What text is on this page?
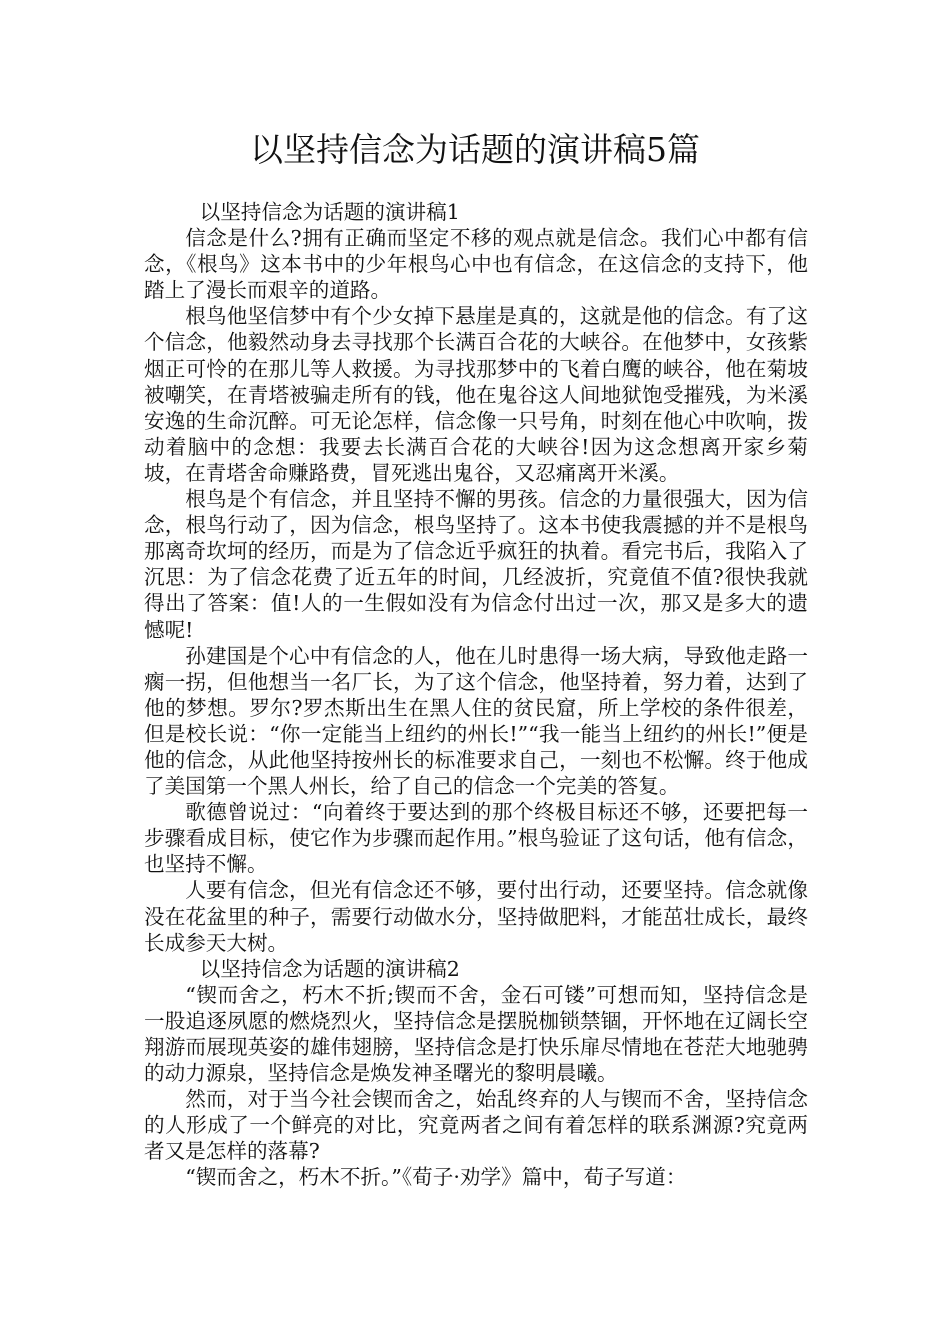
以坚持信念为话题的演讲稿5篇

以坚持信念为话题的演讲稿1

信念是什么?拥有正确而坚定不移的观点就是信念。我们心中都有信念，《根鸟》这本书中的少年根鸟心中也有信念，在这信念的支持下，他踏上了漫长而艰辛的道路。

根鸟他坚信梦中有个少女掉下悬崖是真的，这就是他的信念。有了这个信念，他毅然动身去寻找那个长满百合花的大峡谷。在他梦中，女孩紫烟正可怜的在那儿等人救援。为寻找那梦中的飞着白鹰的峡谷，他在菊坡被嘲笑，在青塔被骗走所有的钱，他在鬼谷这人间地狱饱受摧残，为米溪安逸的生命沉醉。可无论怎样，信念像一只号角，时刻在他心中吹响，拨动着脑中的念想：我要去长满百合花的大峡谷!因为这念想离开家乡菊坡，在青塔舍命赚路费，冒死逃出鬼谷，又忍痛离开米溪。

根鸟是个有信念，并且坚持不懈的男孩。信念的力量很强大，因为信念，根鸟行动了，因为信念，根鸟坚持了。这本书使我震撼的并不是根鸟那离奇坎坷的经历，而是为了信念近乎疯狂的执着。看完书后，我陷入了沉思：为了信念花费了近五年的时间，几经波折，究竟值不值?很快我就得出了答案：值!人的一生假如没有为信念付出过一次，那又是多大的遗憾呢!

孙建国是个心中有信念的人，他在儿时患得一场大病，导致他走路一瘸一拐，但他想当一名厂长，为了这个信念，他坚持着，努力着，达到了他的梦想。罗尔?罗杰斯出生在黑人住的贫民窟，所上学校的条件很差，但是校长说：“你一定能当上纽约的州长!”“我一能当上纽约的州长!”便是他的信念，从此他坚持按州长的标准要求自己，一刻也不松懈。终于他成了美国第一个黑人州长，给了自己的信念一个完美的答复。

歌德曾说过：“向着终于要达到的那个终极目标还不够，还要把每一步骤看成目标，使它作为步骤而起作用。”根鸟验证了这句话，他有信念，也坚持不懈。

人要有信念，但光有信念还不够，要付出行动，还要坚持。信念就像没在花盆里的种子，需要行动做水分，坚持做肥料，才能茁壮成长，最终长成参天大树。

以坚持信念为话题的演讲稿2

“锲而舍之，朽木不折;锲而不舍，金石可镂”可想而知，坚持信念是一股追逐夙愿的燃烧烈火，坚持信念是摆脱枷锁禁锢，开怀地在辽阔长空翔游而展现英姿的雄伟翅膀，坚持信念是打快乐扉尽情地在苍茫大地驰骋的动力源泉，坚持信念是焕发神圣曙光的黎明晨曦。

然而，对于当今社会锲而舍之，始乱终弃的人与锲而不舍，坚持信念的人形成了一个鲜亮的对比，究竟两者之间有着怎样的联系渊源?究竟两者又是怎样的落幕?

“锲而舍之，朽木不折。”《荀子·劝学》篇中，荀子写道：
